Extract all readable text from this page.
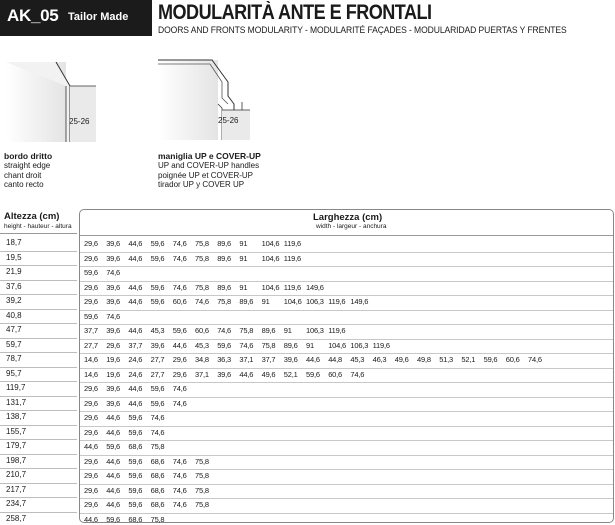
AK_05 Tailor Made MODULARITÀ ANTE E FRONTALI
DOORS AND FRONTS MODULARITY - MODULARITÉ FAÇADES - MODULARIDAD PUERTAS Y FRENTES
25-26
bordo dritto
straight edge
chant droit
canto recto
25-26
maniglia UP e COVER-UP
UP and COVER-UP handles
poignée UP et COVER-UP
tirador UP y COVER UP
Altezza (cm)
height - hauteur - altura
18,7
19,5
21,9
37,6
39,2
40,8
47,7
59,7
78,7
95,7
119,7
131,7
138,7
155,7
179,7
198,7
210,7
217,7
234,7
258,7
Larghezza (cm)
width - largeur - anchura
29,6 39,6 44,6 59,6 74,6 75,8 89,6 91 104,6 119,6
29,6 39,6 44,6 59,6 74,6 75,8 89,6 91 104,6 119,6
59,6 74,6
29,6 39,6 44,6 59,6 74,6 75,8 89,6 91 104,6 119,6 149,6
29,6 39,6 44,6 59,6 60,6 74,6 75,8 89,6 91 104,6 106,3 119,6 149,6
59,6 74,6
37,7 39,6 44,6 45,3 59,6 60,6 74,6 75,8 89,6 91 106,3 119,6
27,7 29,6 37,7 39,6 44,6 45,3 59,6 74,6 75,8 89,6 91 104,6 106,3 119,6
14,6 19,6 24,6 27,7 29,6 34,8 36,3 37,1 37,7 39,6 44,6 44,8 45,3 46,3 49,6 49,8 51,3 52,1 59,6 60,6 74,6
14,6 19,6 24,6 27,7 29,6 37,1 39,6 44,6 49,6 52,1 59,6 60,6 74,6
29,6 39,6 44,6 59,6 74,6
29,6 39,6 44,6 59,6 74,6
29,6 44,6 59,6 74,6
29,6 44,6 59,6 74,6
44,6 59,6 68,6 75,8
29,6 44,6 59,6 68,6 74,6 75,8
29,6 44,6 59,6 68,6 74,6 75,8
29,6 44,6 59,6 68,6 74,6 75,8
29,6 44,6 59,6 68,6 74,6 75,8
44,6 59,6 68,6 75,8
